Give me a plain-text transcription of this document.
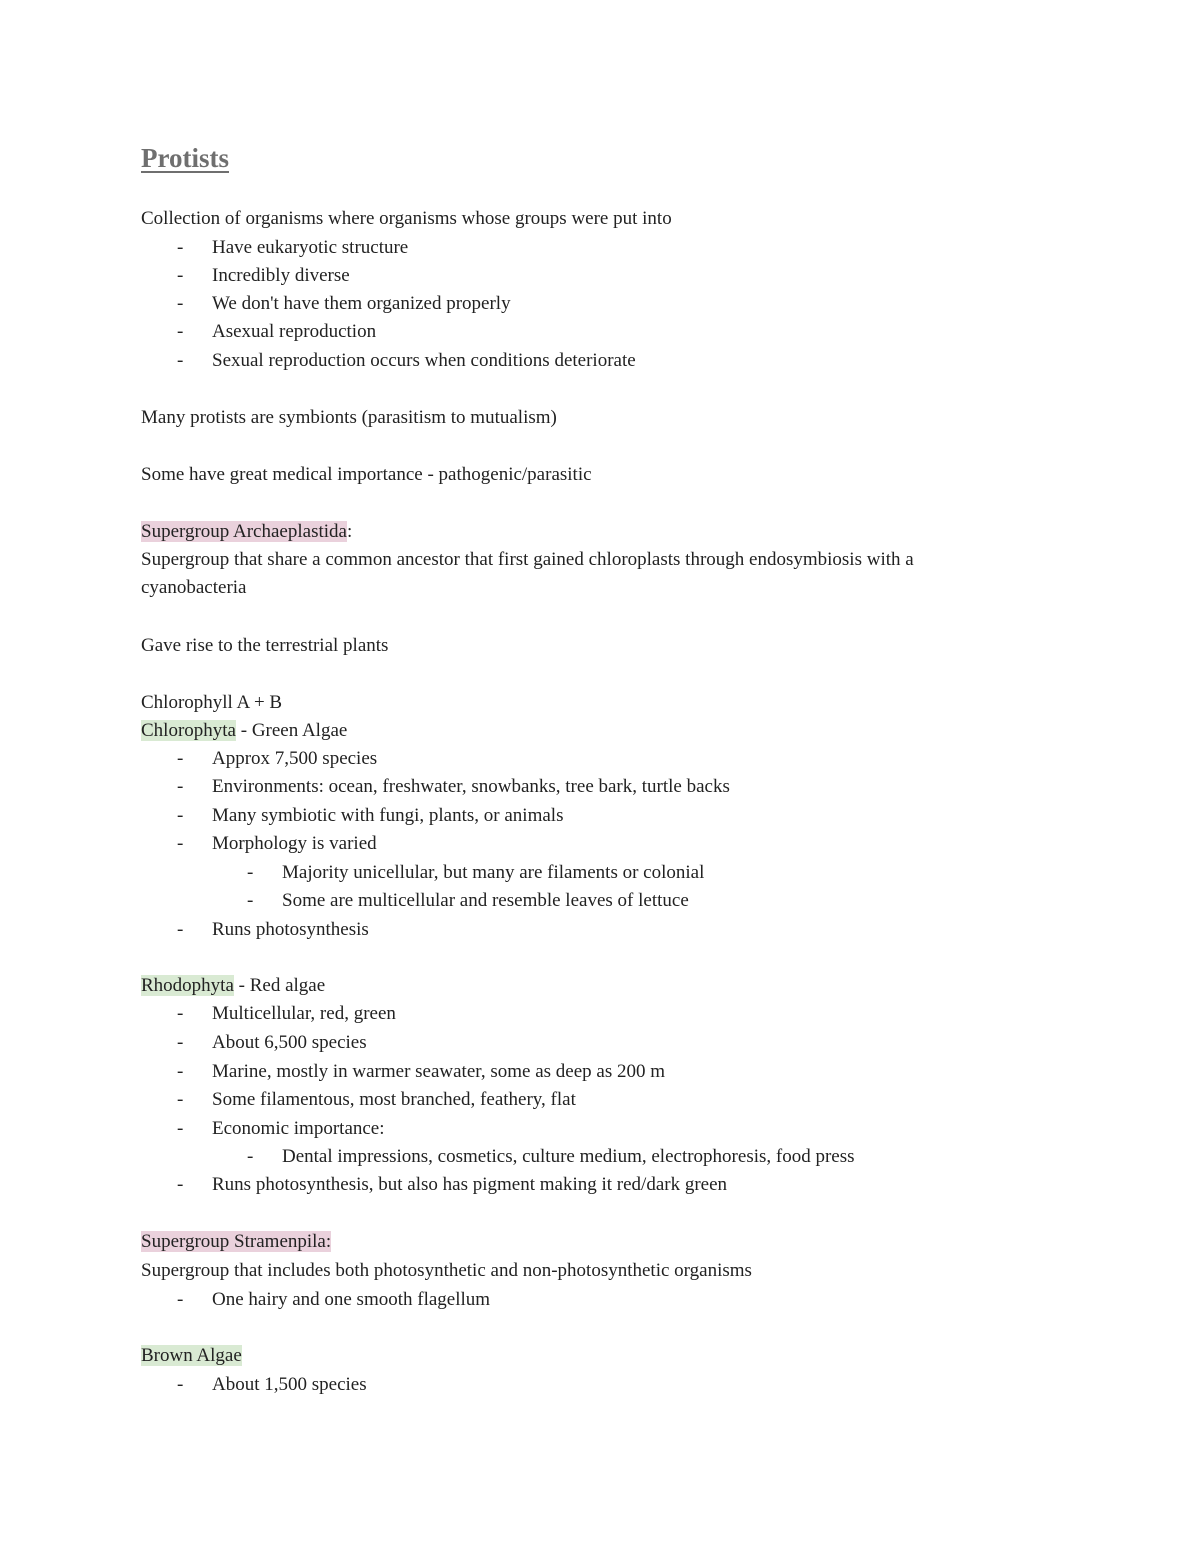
Protists
Collection of organisms where organisms whose groups were put into
- Have eukaryotic structure
- Incredibly diverse
- We don't have them organized properly
- Asexual reproduction
- Sexual reproduction occurs when conditions deteriorate
Many protists are symbionts (parasitism to mutualism)
Some have great medical importance - pathogenic/parasitic
Supergroup Archaeplastida:
Supergroup that share a common ancestor that first gained chloroplasts through endosymbiosis with a
cyanobacteria
Gave rise to the terrestrial plants
Chlorophyll A + B
Chlorophyta - Green Algae
- Approx 7,500 species
- Environments: ocean, freshwater, snowbanks, tree bark, turtle backs
- Many symbiotic with fungi, plants, or animals
- Morphology is varied
- Majority unicellular, but many are filaments or colonial
- Some are multicellular and resemble leaves of lettuce
- Runs photosynthesis
Rhodophyta - Red algae
- Multicellular, red, green
- About 6,500 species
- Marine, mostly in warmer seawater, some as deep as 200 m
- Some filamentous, most branched, feathery, flat
- Economic importance:
- Dental impressions, cosmetics, culture medium, electrophoresis, food press
- Runs photosynthesis, but also has pigment making it red/dark green
Supergroup Stramenpila:
Supergroup that includes both photosynthetic and non-photosynthetic organisms
- One hairy and one smooth flagellum
Brown Algae
- About 1,500 species
